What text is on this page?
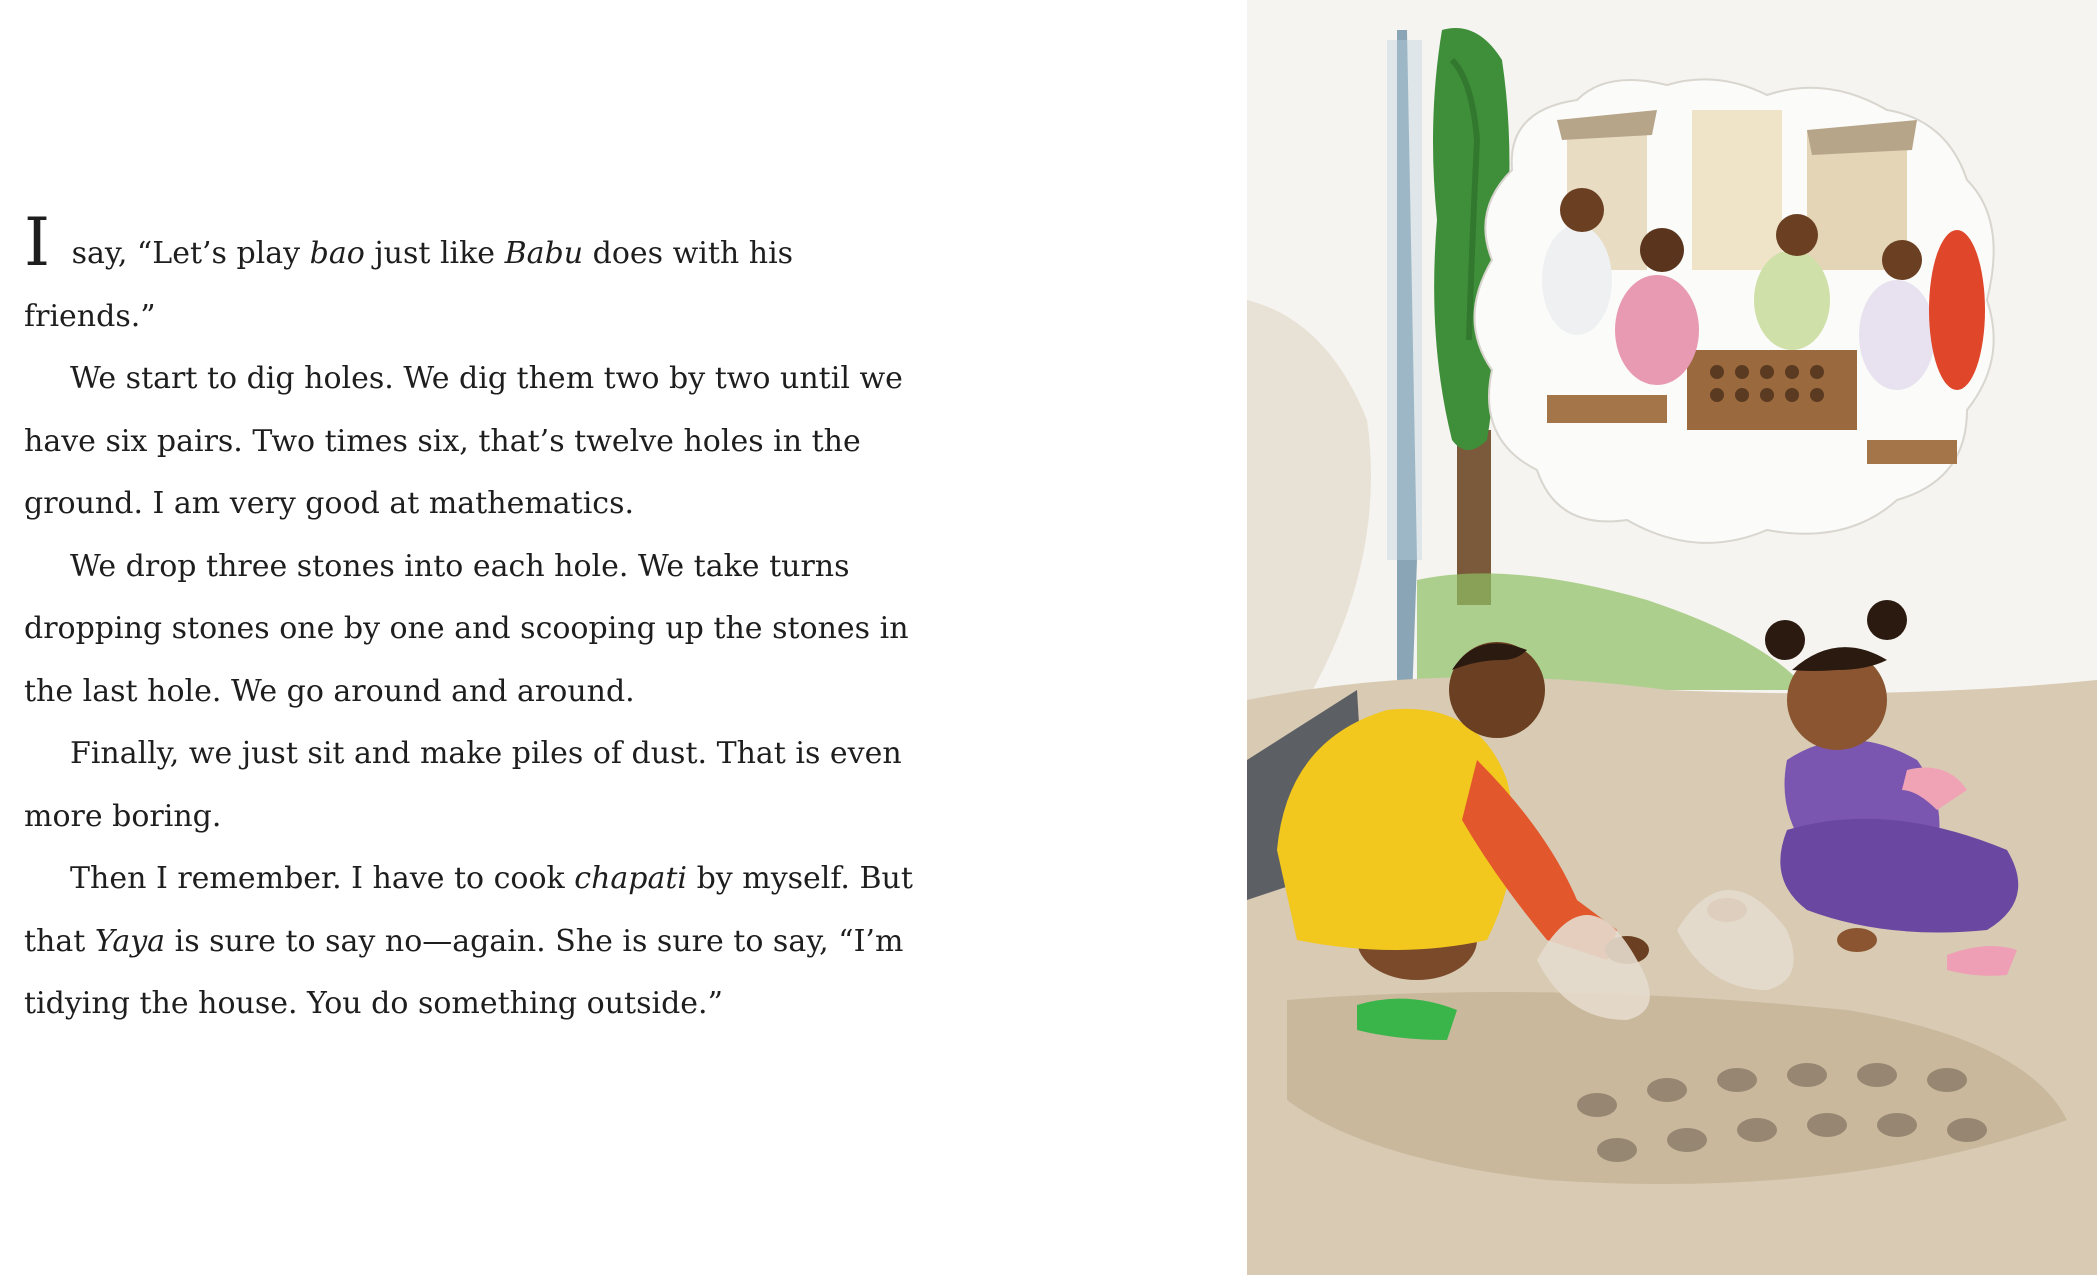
I say, “Let’s play bao just like Babu does with his friends.”

We start to dig holes. We dig them two by two until we have six pairs. Two times six, that’s twelve holes in the ground. I am very good at mathematics.

We drop three stones into each hole. We take turns dropping stones one by one and scooping up the stones in the last hole. We go around and around.

Finally, we just sit and make piles of dust. That is even more boring.

Then I remember. I have to cook chapati by myself. But that Yaya is sure to say no—again. She is sure to say, “I’m tidying the house. You do something outside.”
